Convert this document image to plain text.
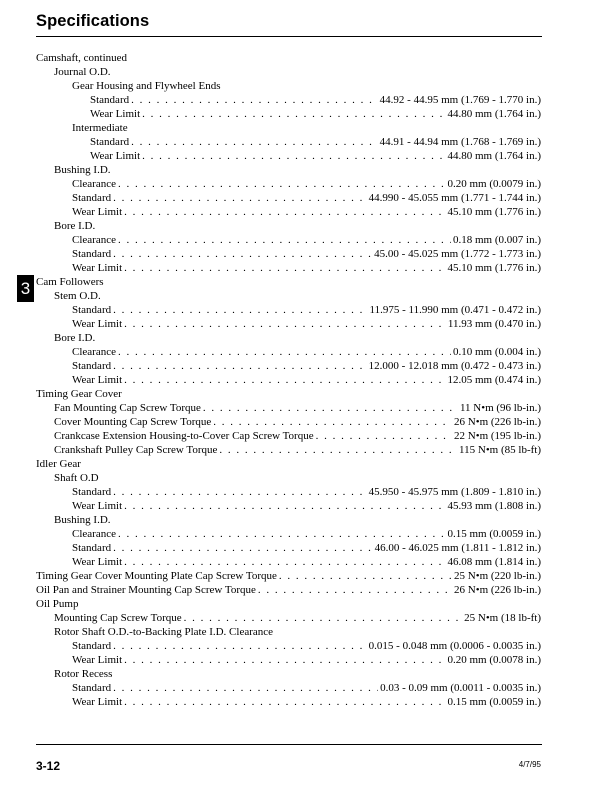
Specifications
3
Camshaft, continued
Journal O.D.
Gear Housing and Flywheel Ends
Standard . . .	44.92 - 44.95 mm (1.769 - 1.770 in.)
Wear Limit . . .	44.80 mm (1.764 in.)
Intermediate
Standard . . .	44.91 - 44.94 mm (1.768 - 1.769 in.)
Wear Limit . . .	44.80 mm (1.764 in.)
Bushing I.D.
Clearance . . .	0.20 mm (0.0079 in.)
Standard . . .	44.990 - 45.055 mm (1.771 - 1.744 in.)
Wear Limit . . .	45.10 mm (1.776 in.)
Bore I.D.
Clearance . . .	0.18 mm (0.007 in.)
Standard . . .	45.00 - 45.025 mm (1.772 - 1.773 in.)
Wear Limit . . .	45.10 mm (1.776 in.)
Cam Followers
Stem O.D.
Standard . . .	11.975 - 11.990 mm (0.471 - 0.472 in.)
Wear Limit . . .	11.93 mm (0.470 in.)
Bore I.D.
Clearance . . .	0.10 mm (0.004 in.)
Standard . . .	12.000 - 12.018 mm (0.472 - 0.473 in.)
Wear Limit . . .	12.05 mm (0.474 in.)
Timing Gear Cover
Fan Mounting Cap Screw Torque . . .	11 N•m (96 lb-in.)
Cover Mounting Cap Screw Torque . . .	26 N•m (226 lb-in.)
Crankcase Extension Housing-to-Cover Cap Screw Torque . . .	22 N•m (195 lb-in.)
Crankshaft Pulley Cap Screw Torque . . .	115 N•m (85 lb-ft)
Idler Gear
Shaft O.D
Standard . . .	45.950 - 45.975 mm (1.809 - 1.810 in.)
Wear Limit . . .	45.93 mm (1.808 in.)
Bushing I.D.
Clearance . . .	0.15 mm (0.0059 in.)
Standard . . .	46.00 - 46.025 mm (1.811 - 1.812 in.)
Wear Limit . . .	46.08 mm (1.814 in.)
Timing Gear Cover Mounting Plate Cap Screw Torque . . .	25 N•m (220 lb-in.)
Oil Pan and Strainer Mounting Cap Screw Torque . . .	26 N•m (226 lb-in.)
Oil Pump
Mounting Cap Screw Torque . . .	25 N•m (18 lb-ft)
Rotor Shaft O.D.-to-Backing Plate I.D. Clearance
Standard . . .	0.015 - 0.048 mm (0.0006 - 0.0035 in.)
Wear Limit . . .	0.20 mm (0.0078 in.)
Rotor Recess
Standard . . .	0.03 - 0.09 mm (0.0011 - 0.0035 in.)
Wear Limit . . .	0.15 mm (0.0059 in.)
3-12	4/7/95
